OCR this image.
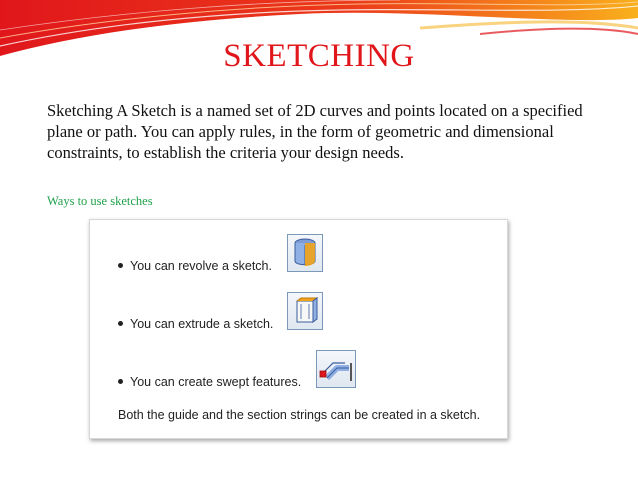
SKETCHING
Sketching A Sketch is a named set of 2D curves and points located on a specified plane or path. You can apply rules, in the form of geometric and dimensional constraints, to establish the criteria your design needs.
Ways to use sketches
You can revolve a sketch.
You can extrude a sketch.
You can create swept features.
Both the guide and the section strings can be created in a sketch.
